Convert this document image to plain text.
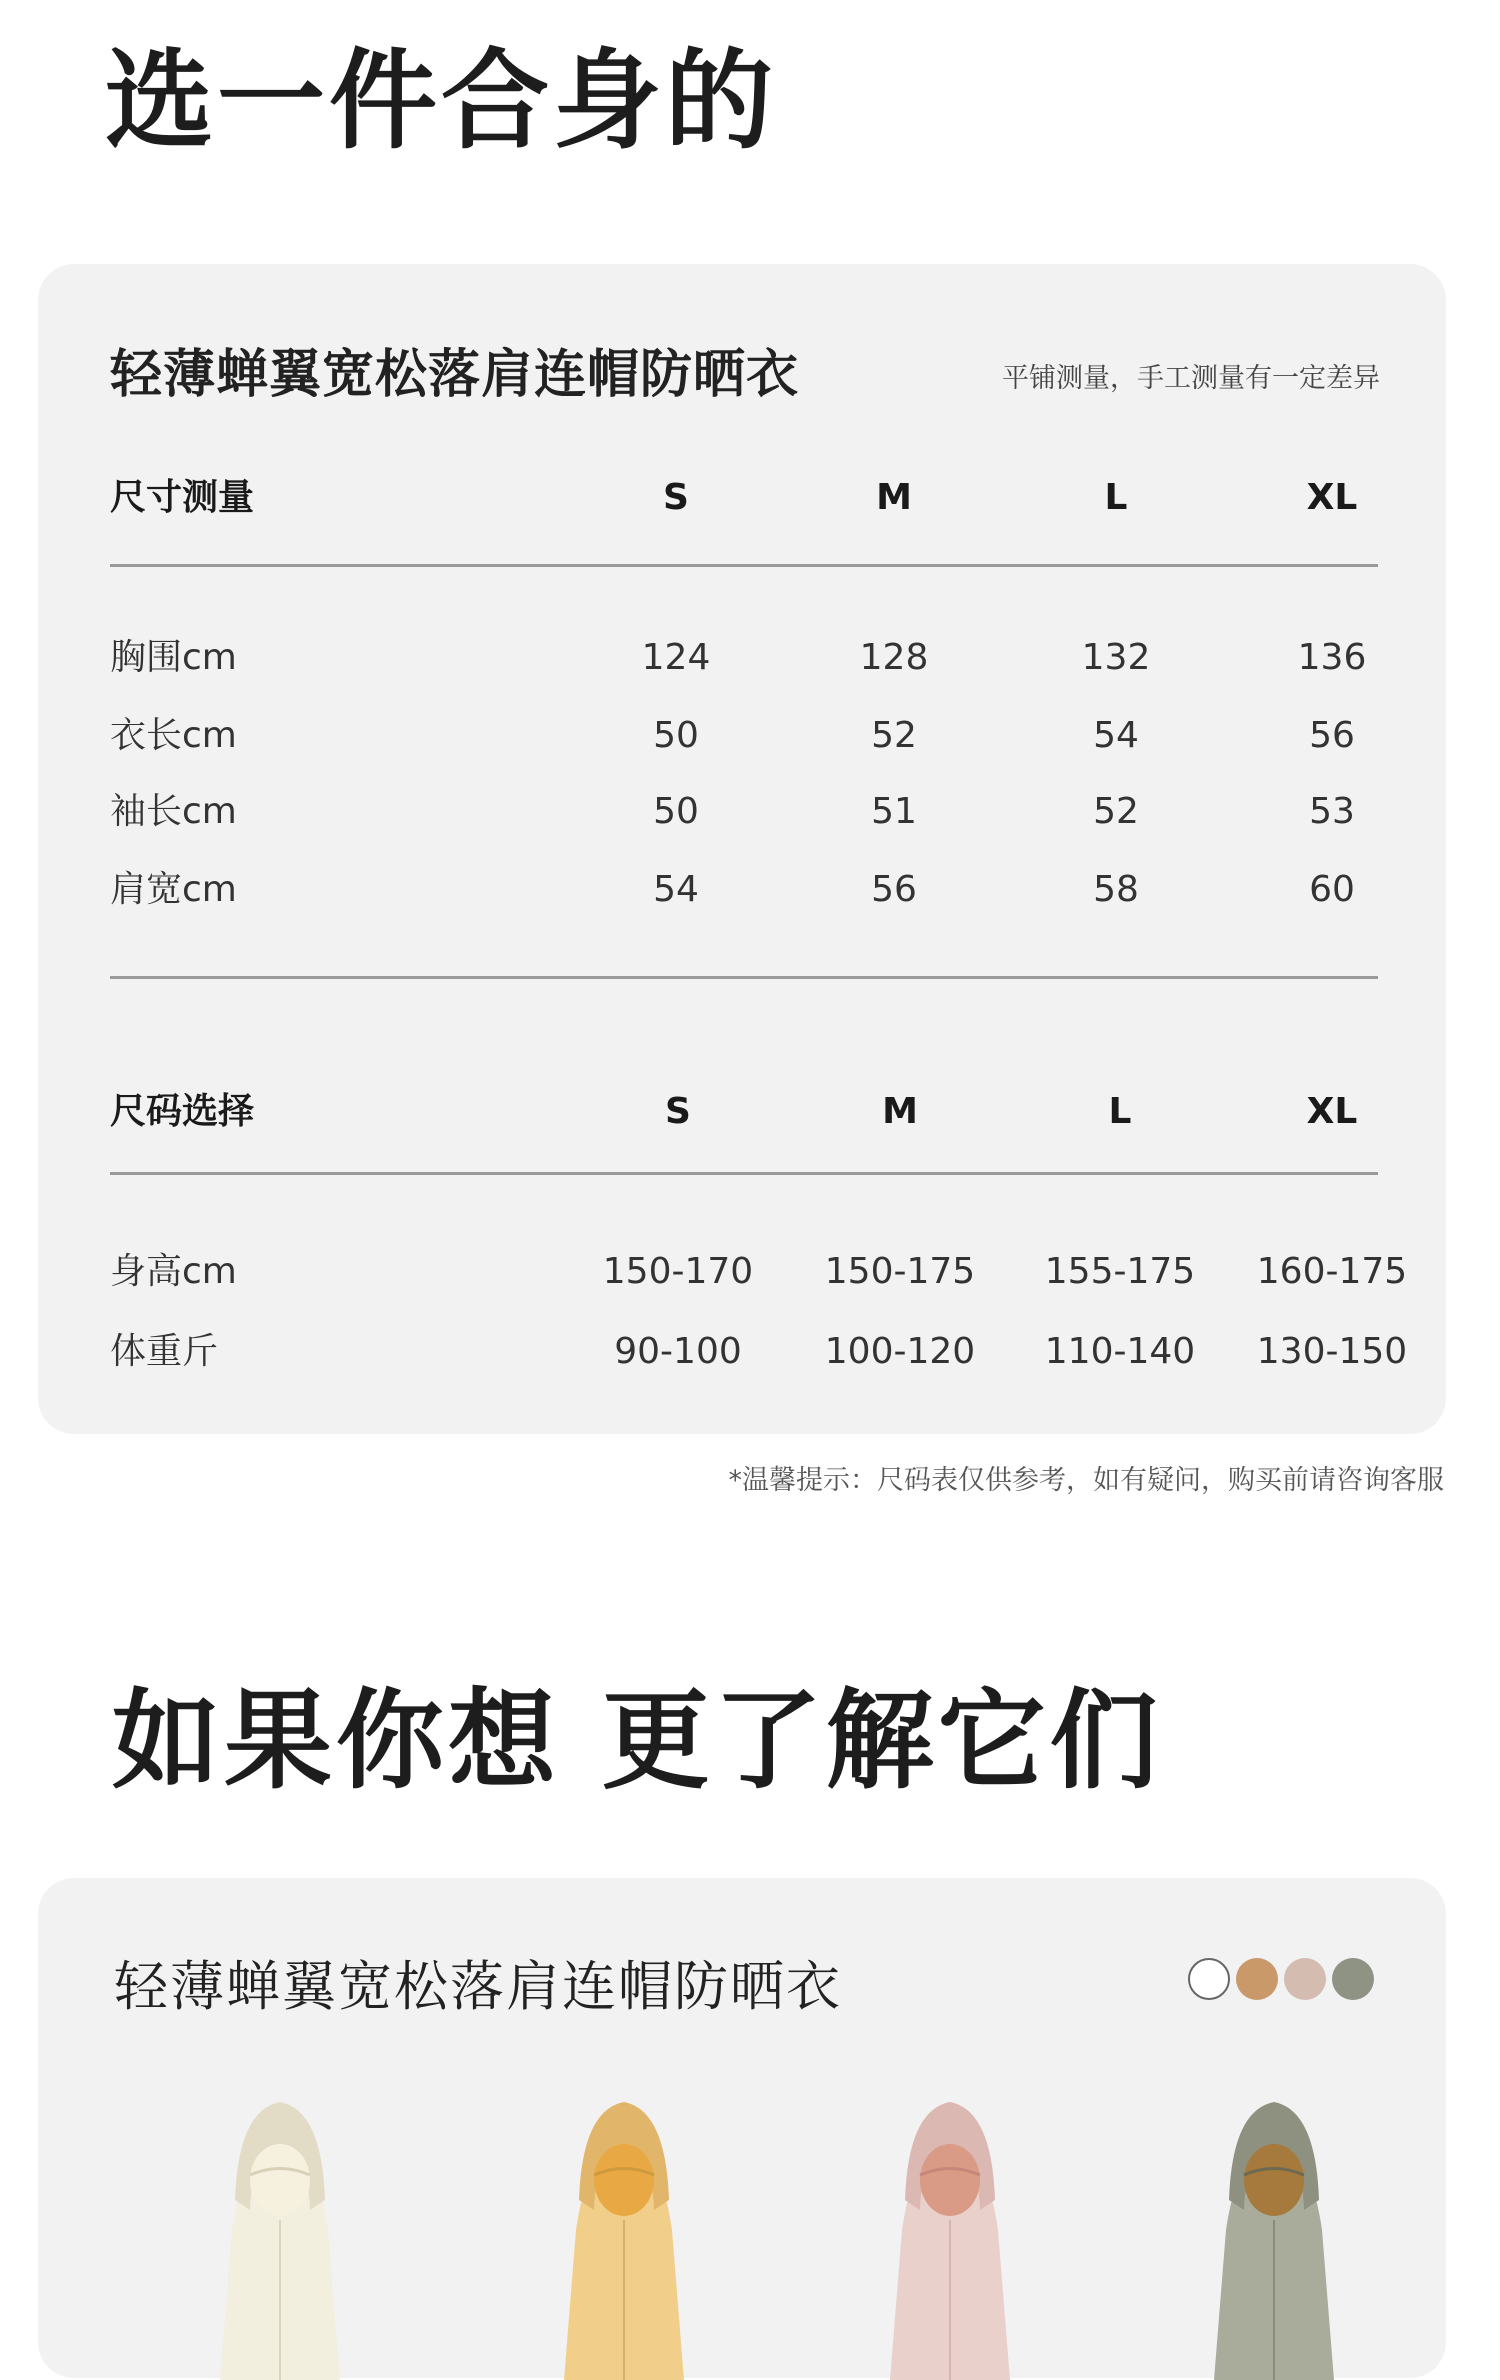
选一件合身的
轻薄蝉翼宽松落肩连帽防晒衣	平铺测量，手工测量有一定差异
尺寸测量	S	M	L	XL
胸围cm	124	128	132	136
衣长cm	50	52	54	56
袖长cm	50	51	52	53
肩宽cm	54	56	58	60
尺码选择	S	M	L	XL
身高cm	150-170	150-175	155-175	160-175
体重斤	90-100	100-120	110-140	130-150
*温馨提示：尺码表仅供参考，如有疑问，购买前请咨询客服
如果你想 更了解它们
轻薄蝉翼宽松落肩连帽防晒衣
